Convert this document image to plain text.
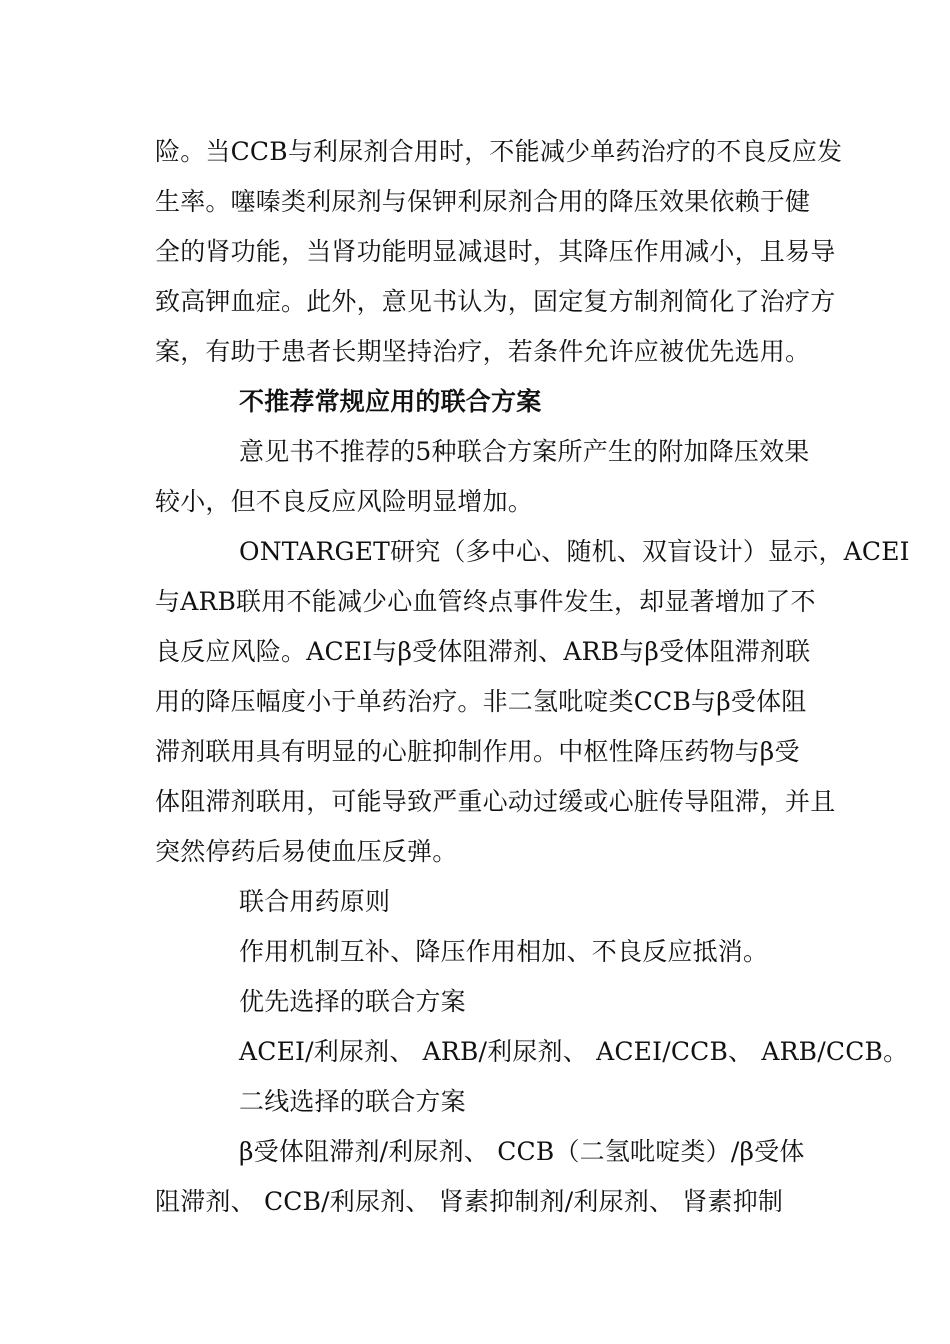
险。当CCB与利尿剂合用时，不能减少单药治疗的不良反应发
生率。噻嗪类利尿剂与保钾利尿剂合用的降压效果依赖于健
全的肾功能，当肾功能明显减退时，其降压作用减小，且易导
致高钾血症。此外，意见书认为，固定复方制剂简化了治疗方
案，有助于患者长期坚持治疗，若条件允许应被优先选用。
不推荐常规应用的联合方案
意见书不推荐的5种联合方案所产生的附加降压效果
较小，但不良反应风险明显增加。
ONTARGET研究（多中心、随机、双盲设计）显示，ACEI
与ARB联用不能减少心血管终点事件发生，却显著增加了不
良反应风险。ACEI与β受体阻滞剂、ARB与β受体阻滞剂联
用的降压幅度小于单药治疗。非二氢吡啶类CCB与β受体阻
滞剂联用具有明显的心脏抑制作用。中枢性降压药物与β受
体阻滞剂联用，可能导致严重心动过缓或心脏传导阻滞，并且
突然停药后易使血压反弹。
联合用药原则
作用机制互补、降压作用相加、不良反应抵消。
优先选择的联合方案
ACEI/利尿剂、 ARB/利尿剂、 ACEI/CCB、 ARB/CCB。
二线选择的联合方案
β受体阻滞剂/利尿剂、 CCB（二氢吡啶类）/β受体
阻滞剂、 CCB/利尿剂、 肾素抑制剂/利尿剂、 肾素抑制
